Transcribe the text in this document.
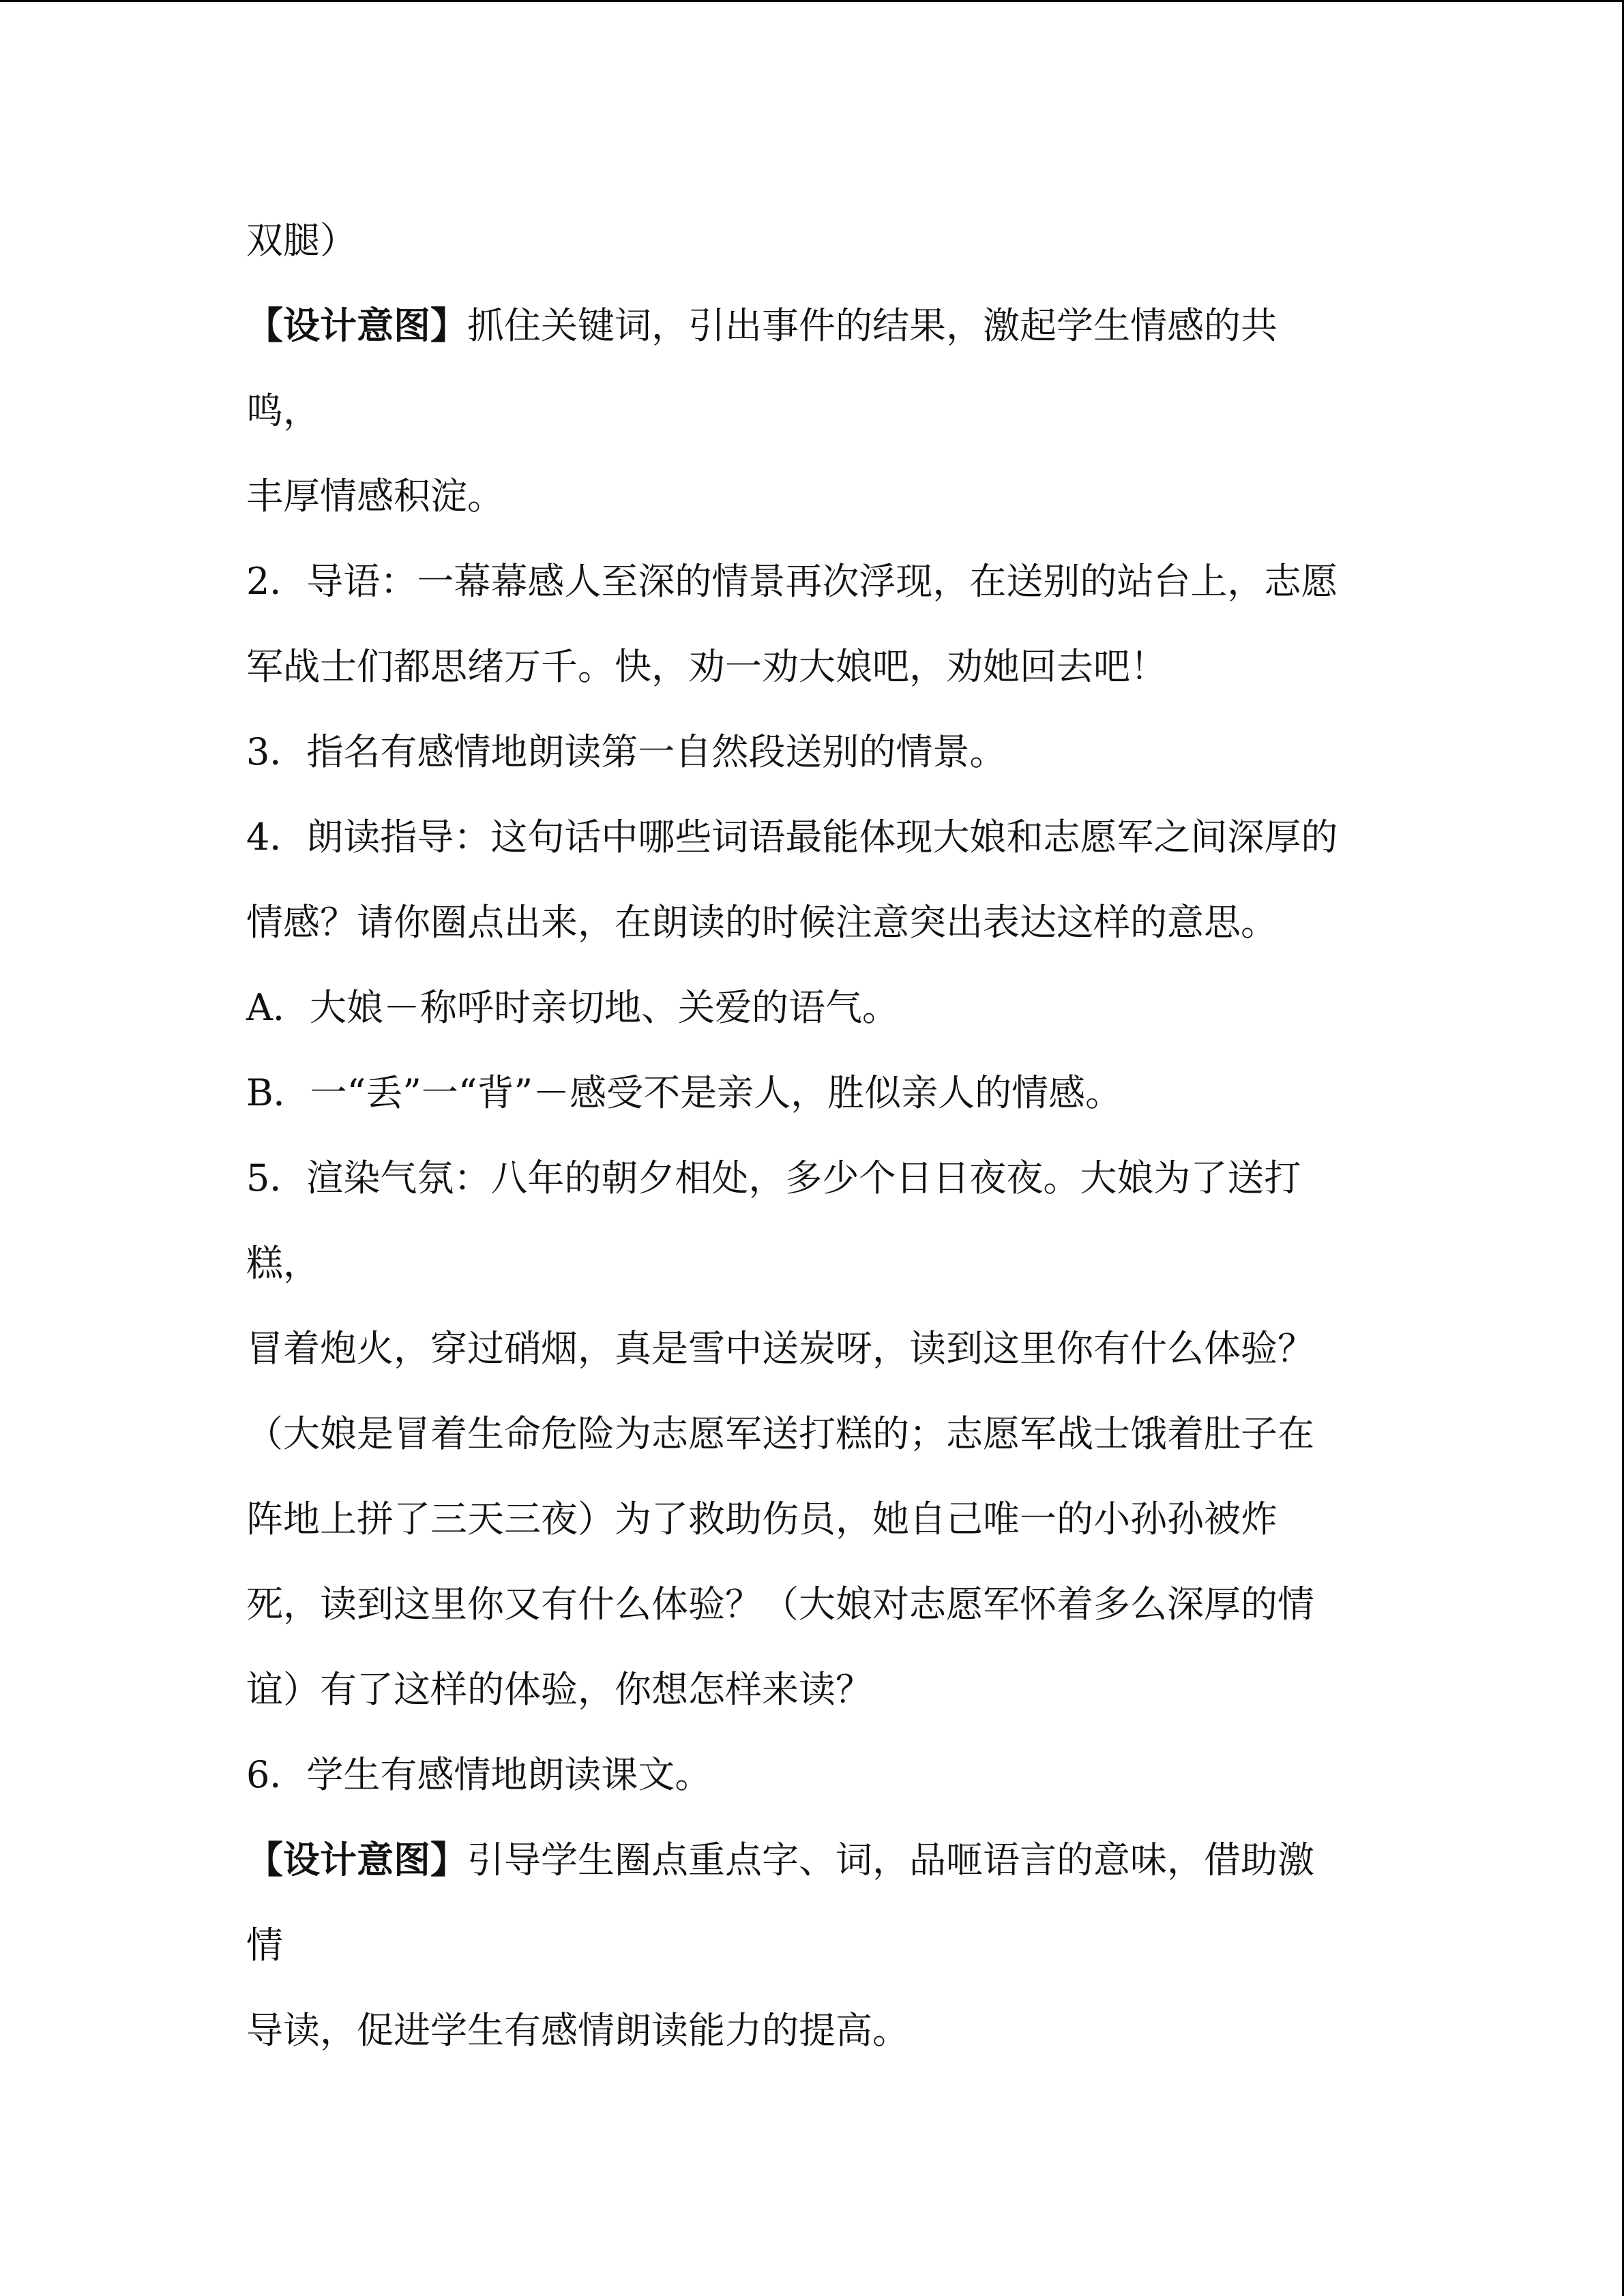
双腿）
【设计意图】抓住关键词，引出事件的结果，激起学生情感的共
鸣，
丰厚情感积淀。
2．导语：一幕幕感人至深的情景再次浮现，在送别的站台上，志愿
军战士们都思绪万千。快，劝一劝大娘吧，劝她回去吧！
3．指名有感情地朗读第一自然段送别的情景。
4．朗读指导：这句话中哪些词语最能体现大娘和志愿军之间深厚的
情感？请你圈点出来，在朗读的时候注意突出表达这样的意思。
A．大娘－称呼时亲切地、关爱的语气。
B．一“丢”一“背”－感受不是亲人，胜似亲人的情感。
5．渲染气氛：八年的朝夕相处，多少个日日夜夜。大娘为了送打
糕，
冒着炮火，穿过硝烟，真是雪中送炭呀，读到这里你有什么体验？
（大娘是冒着生命危险为志愿军送打糕的；志愿军战士饿着肚子在
阵地上拼了三天三夜）为了救助伤员，她自己唯一的小孙孙被炸
死，读到这里你又有什么体验？（大娘对志愿军怀着多么深厚的情
谊）有了这样的体验，你想怎样来读？
6．学生有感情地朗读课文。
【设计意图】引导学生圈点重点字、词，品咂语言的意味，借助激
情
导读，促进学生有感情朗读能力的提高。
